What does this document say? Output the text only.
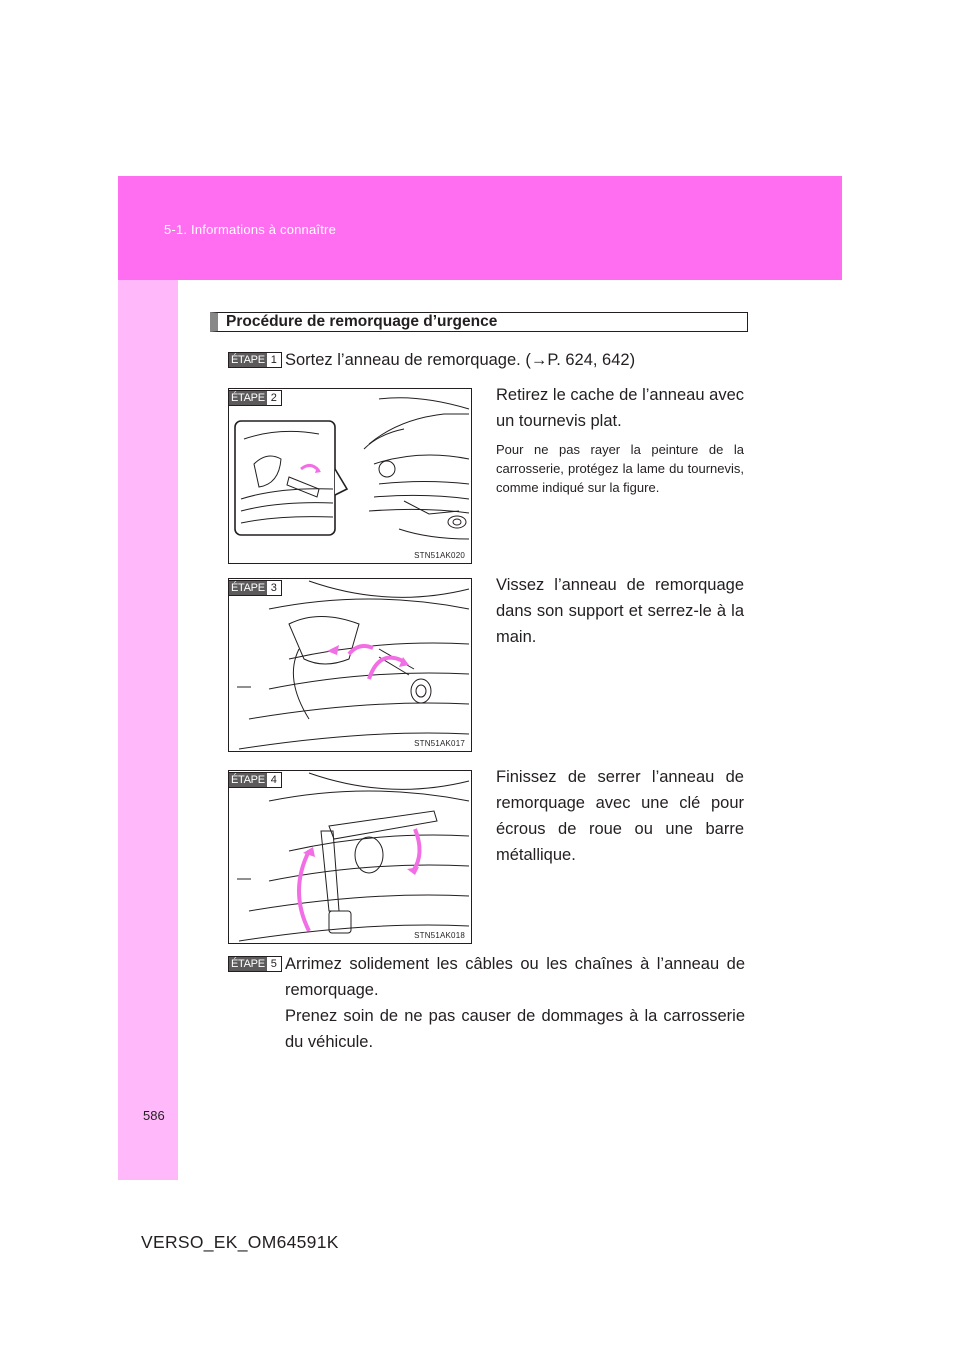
5-1. Informations à connaître
Procédure de remorquage d’urgence
ÉTAPE 1 Sortez l’anneau de remorquage. (→P. 624, 642)
STN51AK020
ÉTAPE 2	Retirez le cache de l’anneau avec un tournevis plat.
Pour ne pas rayer la peinture de la carrosserie, protégez la lame du tournevis, comme indiqué sur la figure.
STN51AK017
ÉTAPE 3	Vissez l’anneau de remorquage dans son support et serrez-le à la main.
STN51AK018
ÉTAPE 4	Finissez de serrer l’anneau de remorquage avec une clé pour écrous de roue ou une barre métallique.
ÉTAPE 5 Arrimez solidement les câbles ou les chaînes à l’anneau de remorquage.
Prenez soin de ne pas causer de dommages à la carrosserie du véhicule.
586
VERSO_EK_OM64591K
